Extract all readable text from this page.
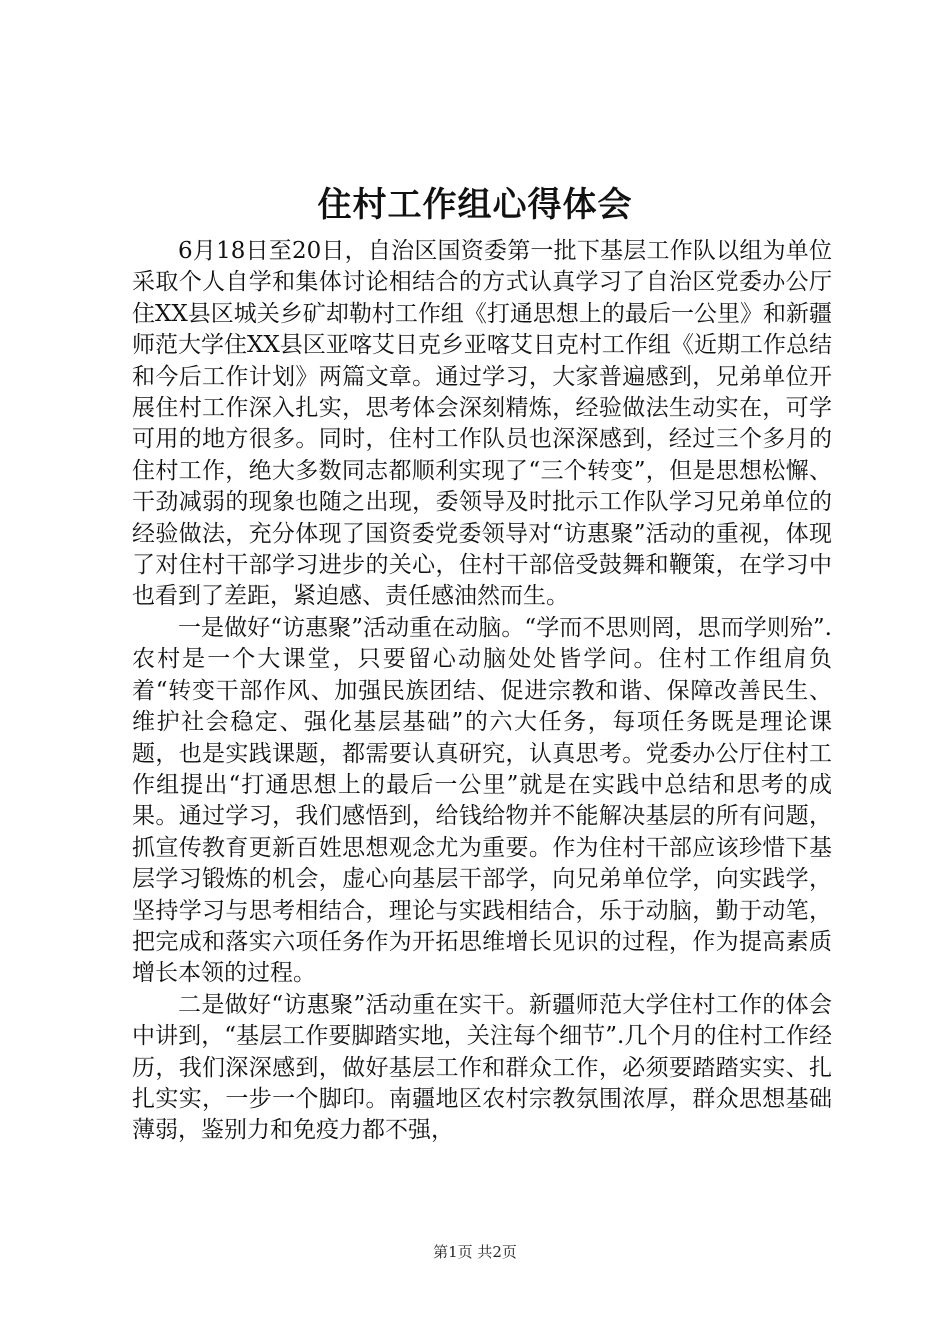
住村工作组心得体会

6月18日至20日，自治区国资委第一批下基层工作队以组为单位采取个人自学和集体讨论相结合的方式认真学习了自治区党委办公厅住XX县区城关乡矿却勒村工作组《打通思想上的最后一公里》和新疆师范大学住XX县区亚喀艾日克乡亚喀艾日克村工作组《近期工作总结和今后工作计划》两篇文章。通过学习，大家普遍感到，兄弟单位开展住村工作深入扎实，思考体会深刻精炼，经验做法生动实在，可学可用的地方很多。同时，住村工作队员也深深感到，经过三个多月的住村工作，绝大多数同志都顺利实现了“三个转变”，但是思想松懈、干劲减弱的现象也随之出现，委领导及时批示工作队学习兄弟单位的经验做法，充分体现了国资委党委领导对“访惠聚”活动的重视，体现了对住村干部学习进步的关心，住村干部倍受鼓舞和鞭策，在学习中也看到了差距，紧迫感、责任感油然而生。

一是做好“访惠聚”活动重在动脑。“学而不思则罔，思而学则殆”.农村是一个大课堂，只要留心动脑处处皆学问。住村工作组肩负着“转变干部作风、加强民族团结、促进宗教和谐、保障改善民生、维护社会稳定、强化基层基础”的六大任务，每项任务既是理论课题，也是实践课题，都需要认真研究，认真思考。党委办公厅住村工作组提出“打通思想上的最后一公里”就是在实践中总结和思考的成果。通过学习，我们感悟到，给钱给物并不能解决基层的所有问题，抓宣传教育更新百姓思想观念尤为重要。作为住村干部应该珍惜下基层学习锻炼的机会，虚心向基层干部学，向兄弟单位学，向实践学，坚持学习与思考相结合，理论与实践相结合，乐于动脑，勤于动笔，把完成和落实六项任务作为开拓思维增长见识的过程，作为提高素质增长本领的过程。

二是做好“访惠聚”活动重在实干。新疆师范大学住村工作的体会中讲到，“基层工作要脚踏实地，关注每个细节”.几个月的住村工作经历，我们深深感到，做好基层工作和群众工作，必须要踏踏实实、扎扎实实，一步一个脚印。南疆地区农村宗教氛围浓厚，群众思想基础薄弱，鉴别力和免疫力都不强，

第1页 共2页
